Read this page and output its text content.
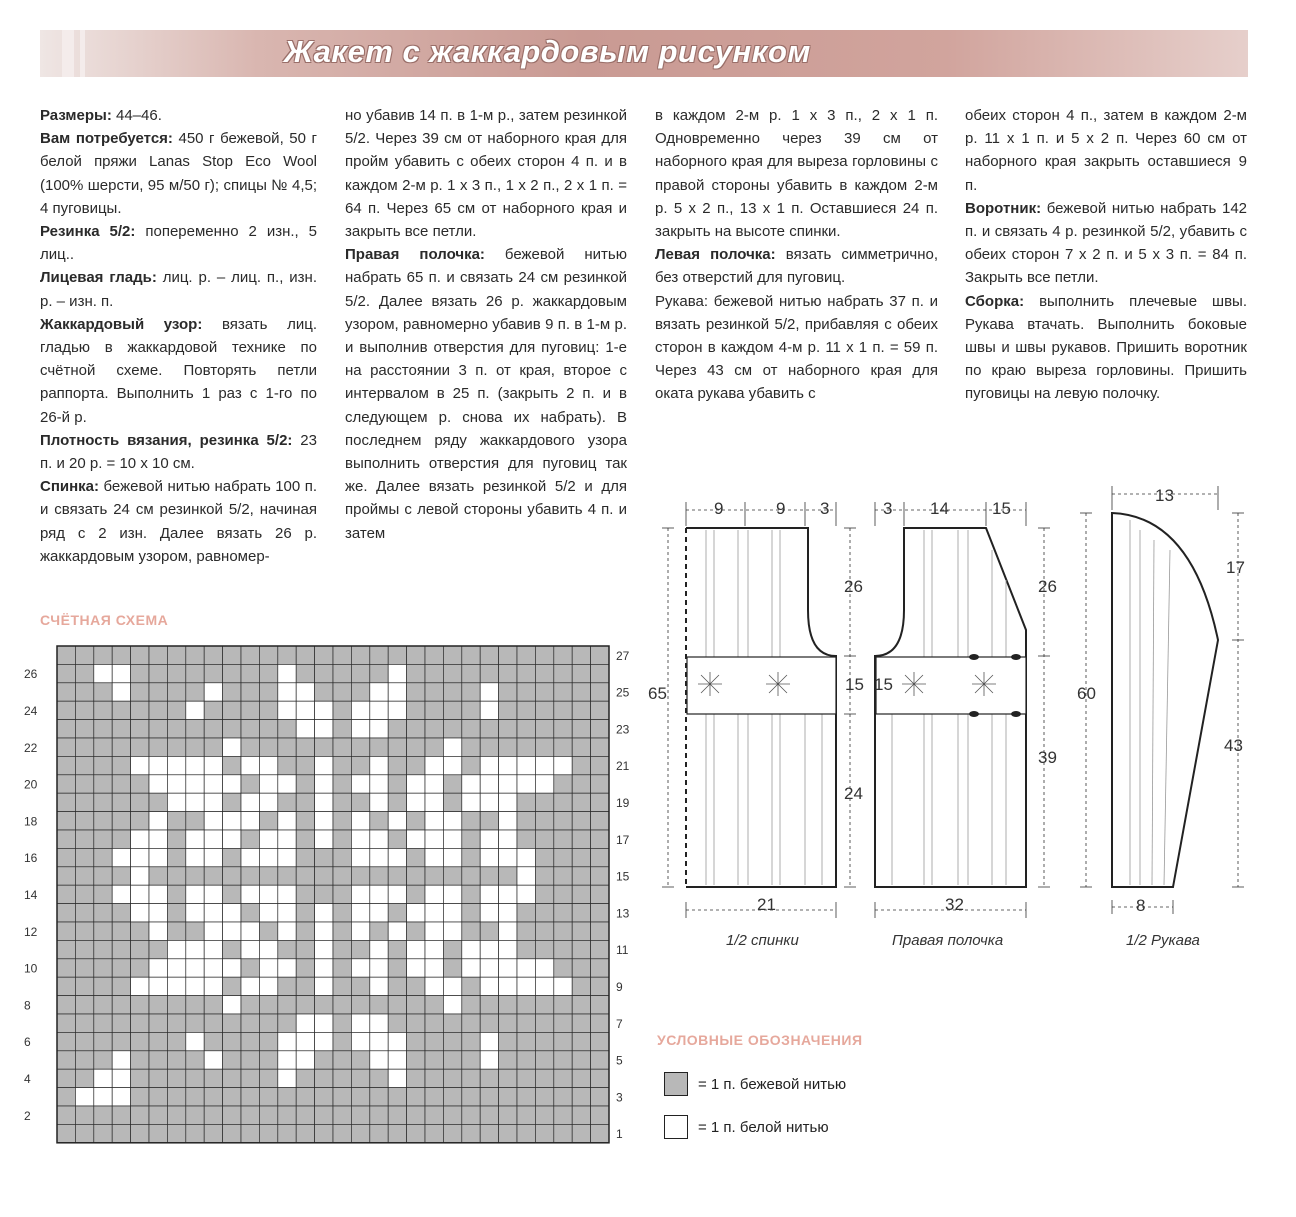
Жакет с жаккардовым рисунком

Размеры: 44–46.

Вам потребуется: 450 г бежевой, 50 г белой пряжи Lanas Stop Eco Wool (100% шерсти, 95 м/50 г); спицы № 4,5; 4 пуговицы.

Резинка 5/2: попеременно 2 изн., 5 лиц..

Лицевая гладь: лиц. р. – лиц. п., изн. р. – изн. п.

Жаккардовый узор: вязать лиц. гладью в жаккардовой технике по счётной схеме. Повторять петли раппорта. Выполнить 1 раз с 1-го по 26-й р.

Плотность вязания, резинка 5/2: 23 п. и 20 р. = 10 х 10 см.

Спинка: бежевой нитью набрать 100 п. и связать 24 см резинкой 5/2, начиная ряд с 2 изн. Далее вязать 26 р. жаккардовым узором, равномер-

но убавив 14 п. в 1-м р., затем резинкой 5/2. Через 39 см от наборного края для пройм убавить с обеих сторон 4 п. и в каждом 2-м р. 1 х 3 п., 1 х 2 п., 2 х 1 п. = 64 п. Через 65 см от наборного края и закрыть все петли.

Правая полочка: бежевой нитью набрать 65 п. и связать 24 см резинкой 5/2. Далее вязать 26 р. жаккардовым узором, равномерно убавив 9 п. в 1-м р. и выполнив отверстия для пуговиц: 1-е на расстоянии 3 п. от края, второе с интервалом в 25 п. (закрыть 2 п. и в следующем р. снова их набрать). В последнем ряду жаккардового узора выполнить отверстия для пуговиц так же. Далее вязать резинкой 5/2 и для проймы с левой стороны убавить 4 п. и затем

в каждом 2-м р. 1 х 3 п., 2 х 1 п. Одновременно через 39 см от наборного края для выреза горловины с правой стороны убавить в каждом 2-м р. 5 х 2 п., 13 х 1 п. Оставшиеся 24 п. закрыть на высоте спинки.

Левая полочка: вязать симметрично, без отверстий для пуговиц.

Рукава: бежевой нитью набрать 37 п. и вязать резинкой 5/2, прибавляя с обеих сторон в каждом 4-м р. 11 х 1 п. = 59 п. Через 43 см от наборного края для оката рукава убавить с

обеих сторон 4 п., затем в каждом 2-м р. 11 х 1 п. и 5 х 2 п. Через 60 см от наборного края закрыть оставшиеся 9 п.

Воротник: бежевой нитью набрать 142 п. и связать 4 р. резинкой 5/2, убавить с обеих сторон 7 х 2 п. и 5 х 3 п. = 84 п. Закрыть все петли.

Сборка: выполнить плечевые швы. Рукава втачать. Выполнить боковые швы и швы рукавов. Пришить воротник по краю выреза горловины. Пришить пуговицы на левую полочку.

СЧЁТНАЯ СХЕМА
26
24
22
20
18
16
14
12
10
8
6
4
2
27
25
23
21
19
17
15
13
11
9
7
5
3
1
9	9 3
65
26
15
24
21
3 14	15
26
15
39
32
13
17
60
43
8
1/2 спинки	Правая полочка	1/2 Рукава
УСЛОВНЫЕ ОБОЗНАЧЕНИЯ
= 1 п. бежевой нитью
= 1 п. белой нитью
